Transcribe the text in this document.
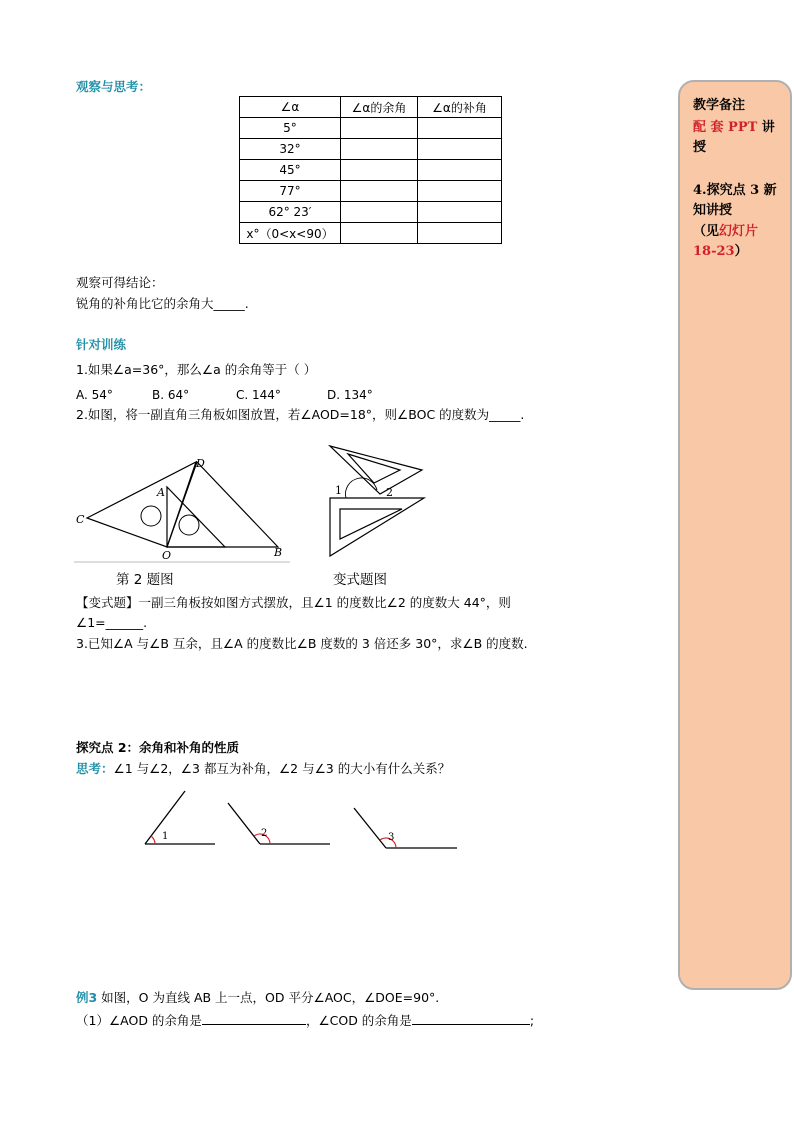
观察与思考：
∠α	∠α的余角	∠α的补角
5°		
32°		
45°		
77°		
62° 23′		
x°（0<x<90）		
观察可得结论：
锐角的补角比它的余角大_____.
针对训练
1.如果∠a=36°，那么∠a 的余角等于（ ）
A. 54°	B. 64°	C. 144°	D. 134°
2.如图，将一副直角三角板如图放置，若∠AOD=18°，则∠BOC 的度数为_____.
D
A
C
O	B
1	2
第 2 题图	变式题图
【变式题】一副三角板按如图方式摆放，且∠1 的度数比∠2 的度数大 44°，则
∠1=______.
3.已知∠A 与∠B 互余，且∠A 的度数比∠B 度数的 3 倍还多 30°，求∠B 的度数.
探究点 2：余角和补角的性质
思考：∠1 与∠2，∠3 都互为补角，∠2 与∠3 的大小有什么关系？
1	2	3
例3 如图，O 为直线 AB 上一点，OD 平分∠AOC，∠DOE=90°.
（1）∠AOD 的余角是	，∠COD 的余角是	;
教学备注
配 套 PPT 讲
授
4.探究点 3 新
知讲授
（见幻灯片
18-23）
